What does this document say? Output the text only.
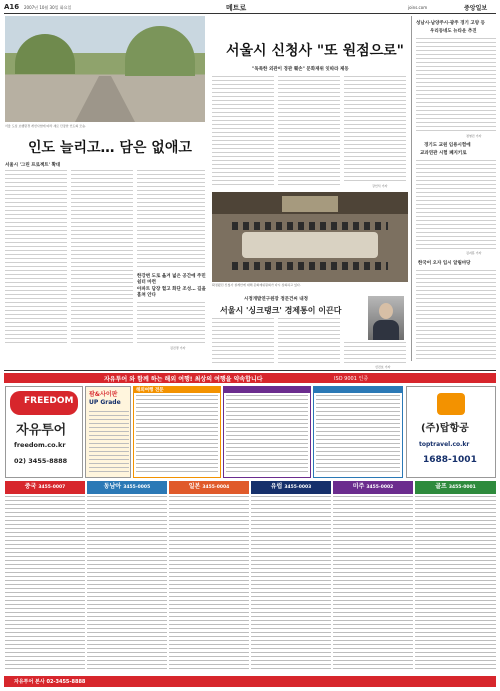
A16 2007년 10월 30일 화요일	메트로	joins.com	중앙일보
서울 도심 보행환경 개선사업에 따라 새로 단장한 인도의 모습.
인도 늘리고… 담은 없애고
서울시 '그린 프로젝트' 확대
한강변 도로 옮겨 넓은 공간에 주민 쉼터 마련
아파트 담장 헐고 화단 조성… 길을 훔쳐 안다
김진경 기자
서울시 신청사 "또 원점으로"
"독특한 외관이 경관 훼손" 문화재위 잇따라 제동
강인식 기자
확정됐던 신청사 설계안에 대해 문화재위원회가 다시 심의하고 있다.
시정개발연구원장 정문건씨 내정
서울시 '싱크탱크' 경제통이 이끈다
신진호 기자
성남시·남양주시·광주 경기 고양 등
우리동네도 뉴타운 추진
정영진 기자
경기도 교원 임용시험에
교과연관 시험 폐지키로
김지훈 기자
한국어 오자 입시 알림마당
자유투어 와 함께 하는 해외 여행! 최상의 여행을 약속합니다	ISO 9001 인증
FREEDOM
자유투어
freedom.co.kr
02) 3455-8888
괌&사이판
UP Grade
해외여행 전문
(주)탑항공
toptravel.co.kr
1688-1001
중국 3455-0007	동남아 3455-0005	일본 3455-0004	유럽 3455-0003	미주 3455-0002	골프 3455-0001
자유투어 본사 02-3455-8888
